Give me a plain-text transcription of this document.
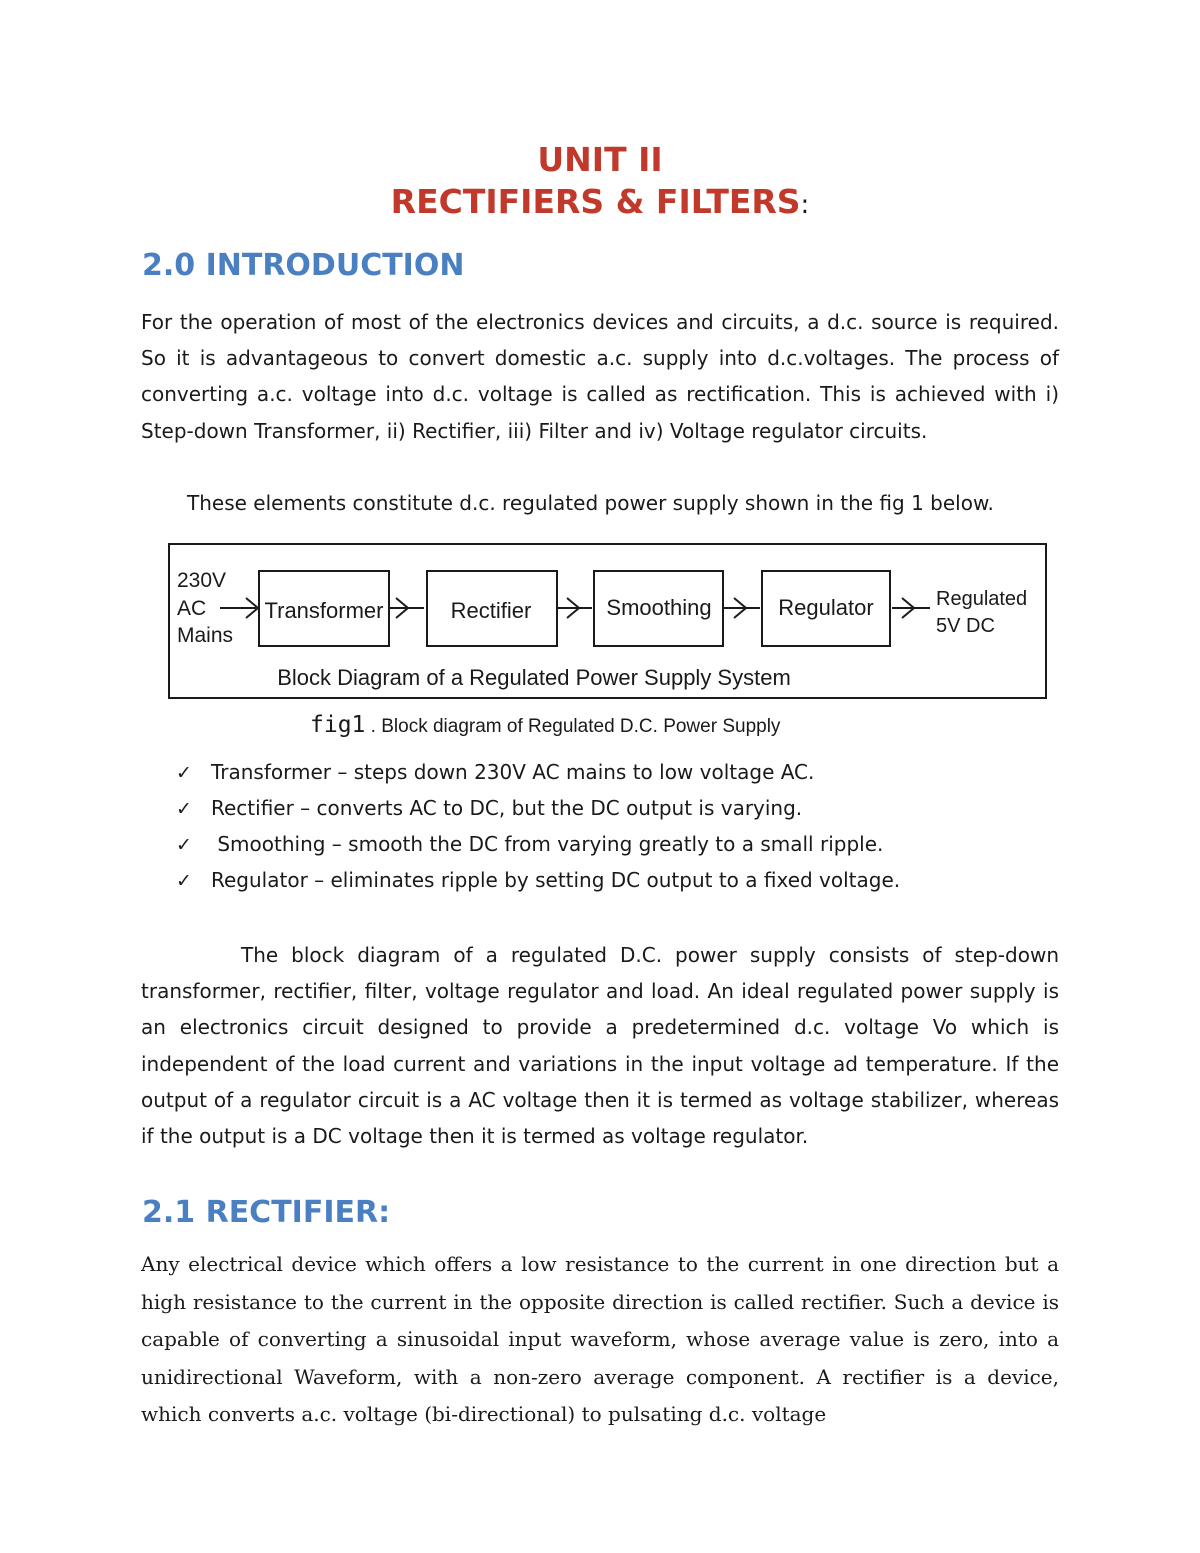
UNIT II
RECTIFIERS & FILTERS:
2.0 INTRODUCTION

For the operation of most of the electronics devices and circuits, a d.c. source is required. So it is advantageous to convert domestic a.c. supply into d.c.voltages. The process of converting a.c. voltage into d.c. voltage is called as rectification. This is achieved with i) Step-down Transformer, ii) Rectifier, iii) Filter and iv) Voltage regulator circuits.

These elements constitute d.c. regulated power supply shown in the fig 1 below.

230V
AC
Mains
Transformer	Rectifier	Smoothing	Regulator	Regulated
5V DC
Block Diagram of a Regulated Power Supply System

fig1 . Block diagram of Regulated D.C. Power Supply

✓ Transformer – steps down 230V AC mains to low voltage AC.
✓ Rectifier – converts AC to DC, but the DC output is varying.
✓ Smoothing – smooth the DC from varying greatly to a small ripple.
✓ Regulator – eliminates ripple by setting DC output to a fixed voltage.

The block diagram of a regulated D.C. power supply consists of step-down transformer, rectifier, filter, voltage regulator and load. An ideal regulated power supply is an electronics circuit designed to provide a predetermined d.c. voltage Vo which is independent of the load current and variations in the input voltage ad temperature. If the output of a regulator circuit is a AC voltage then it is termed as voltage stabilizer, whereas if the output is a DC voltage then it is termed as voltage regulator.

2.1 RECTIFIER:

Any electrical device which offers a low resistance to the current in one direction but a high resistance to the current in the opposite direction is called rectifier. Such a device is capable of converting a sinusoidal input waveform, whose average value is zero, into a unidirectional Waveform, with a non-zero average component. A rectifier is a device, which converts a.c. voltage (bi-directional) to pulsating d.c. voltage
